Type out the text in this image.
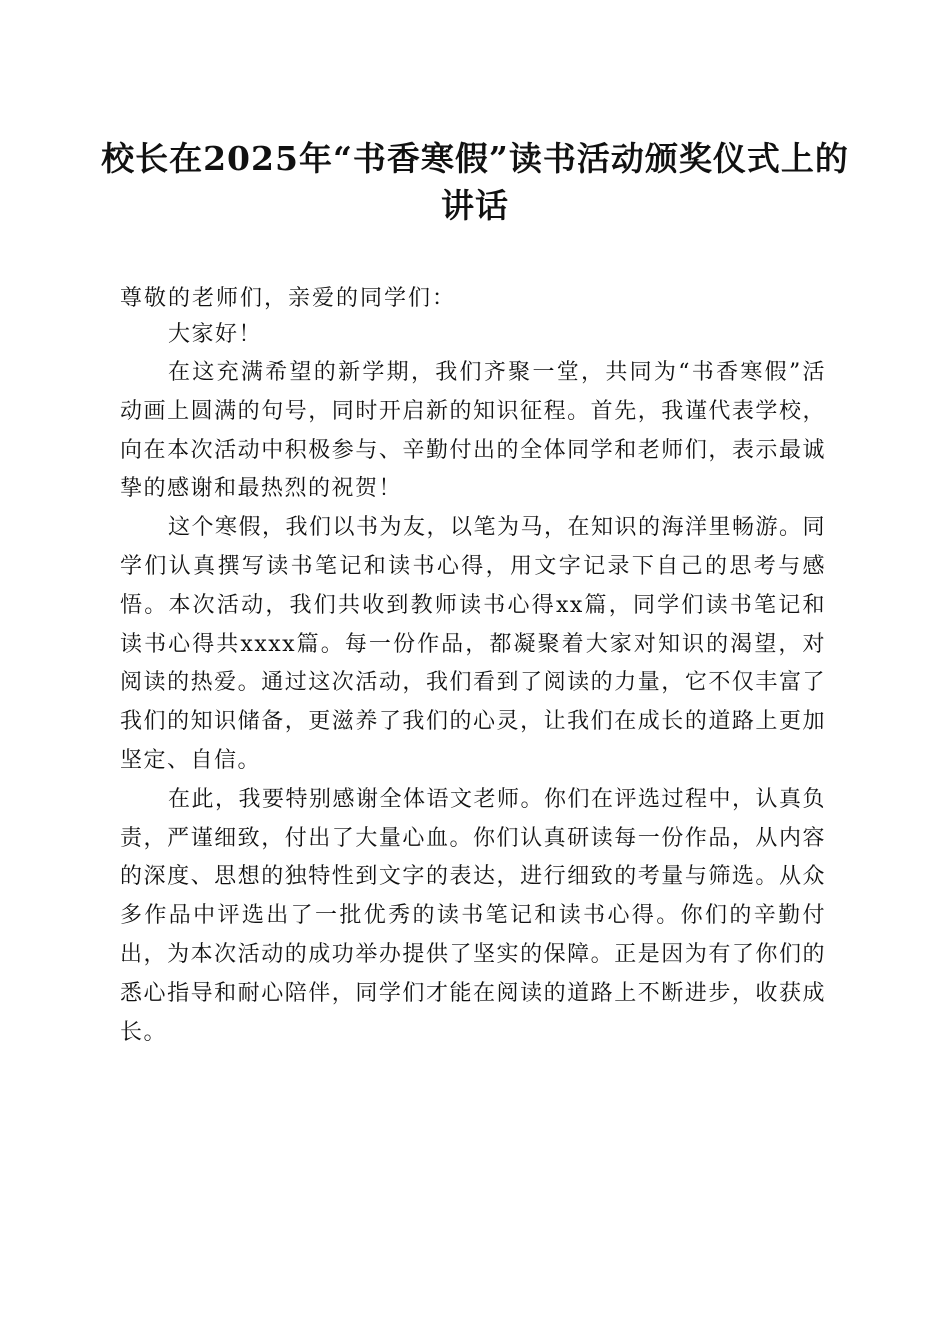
校长在2025年“书香寒假”读书活动颁奖仪式上的讲话

尊敬的老师们，亲爱的同学们：

大家好！

在这充满希望的新学期，我们齐聚一堂，共同为“书香寒假”活动画上圆满的句号，同时开启新的知识征程。首先，我谨代表学校，向在本次活动中积极参与、辛勤付出的全体同学和老师们，表示最诚挚的感谢和最热烈的祝贺！

这个寒假，我们以书为友，以笔为马，在知识的海洋里畅游。同学们认真撰写读书笔记和读书心得，用文字记录下自己的思考与感悟。本次活动，我们共收到教师读书心得xx篇，同学们读书笔记和读书心得共xxxx篇。每一份作品，都凝聚着大家对知识的渴望，对阅读的热爱。通过这次活动，我们看到了阅读的力量，它不仅丰富了我们的知识储备，更滋养了我们的心灵，让我们在成长的道路上更加坚定、自信。

在此，我要特别感谢全体语文老师。你们在评选过程中，认真负责，严谨细致，付出了大量心血。你们认真研读每一份作品，从内容的深度、思想的独特性到文字的表达，进行细致的考量与筛选。从众多作品中评选出了一批优秀的读书笔记和读书心得。你们的辛勤付出，为本次活动的成功举办提供了坚实的保障。正是因为有了你们的悉心指导和耐心陪伴，同学们才能在阅读的道路上不断进步，收获成长。
